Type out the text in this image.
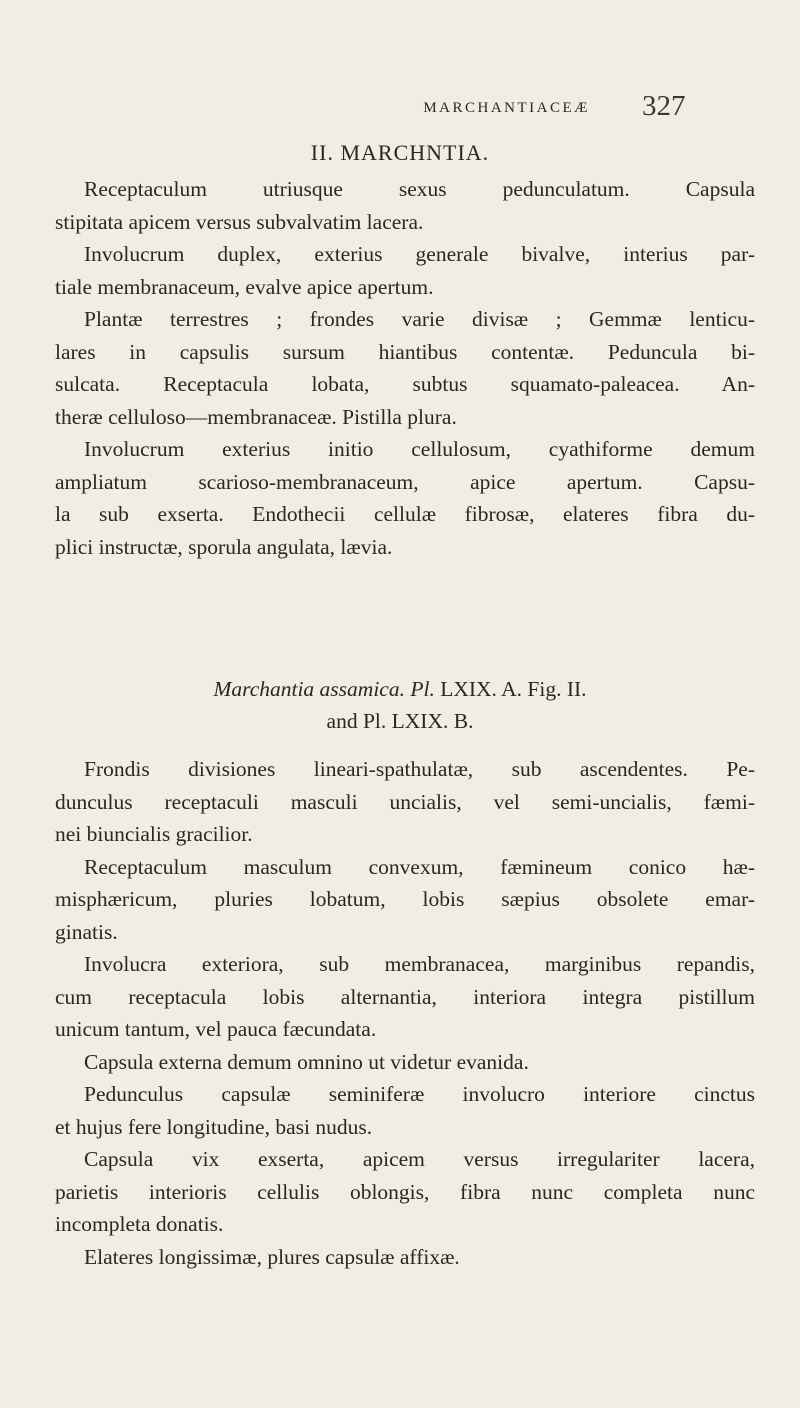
MARCHANTIACEÆ 327
II. MARCHNTIA.

Receptaculum utriusque sexus pedunculatum. Capsula

stipitata apicem versus subvalvatim lacera.

Involucrum duplex, exterius generale bivalve, interius par-

tiale membranaceum, evalve apice apertum.

Plantæ terrestres ; frondes varie divisæ ; Gemmæ lenticu-

lares in capsulis sursum hiantibus contentæ. Peduncula bi-

sulcata. Receptacula lobata, subtus squamato-paleacea. An-

theræ celluloso—membranaceæ. Pistilla plura.

Involucrum exterius initio cellulosum, cyathiforme demum

ampliatum scarioso-membranaceum, apice apertum. Capsu-

la sub exserta. Endothecii cellulæ fibrosæ, elateres fibra du-

plici instructæ, sporula angulata, lævia.

Marchantia assamica. Pl. LXIX. A. Fig. II.
and Pl. LXIX. B.

Frondis divisiones lineari-spathulatæ, sub ascendentes. Pe-

dunculus receptaculi masculi uncialis, vel semi-uncialis, fæmi-

nei biuncialis gracilior.

Receptaculum masculum convexum, fæmineum conico hæ-

misphæricum, pluries lobatum, lobis sæpius obsolete emar-

ginatis.

Involucra exteriora, sub membranacea, marginibus repandis,

cum receptacula lobis alternantia, interiora integra pistillum

unicum tantum, vel pauca fæcundata.

Capsula externa demum omnino ut videtur evanida.

Pedunculus capsulæ seminiferæ involucro interiore cinctus

et hujus fere longitudine, basi nudus.

Capsula vix exserta, apicem versus irregulariter lacera,

parietis interioris cellulis oblongis, fibra nunc completa nunc

incompleta donatis.

Elateres longissimæ, plures capsulæ affixæ.
